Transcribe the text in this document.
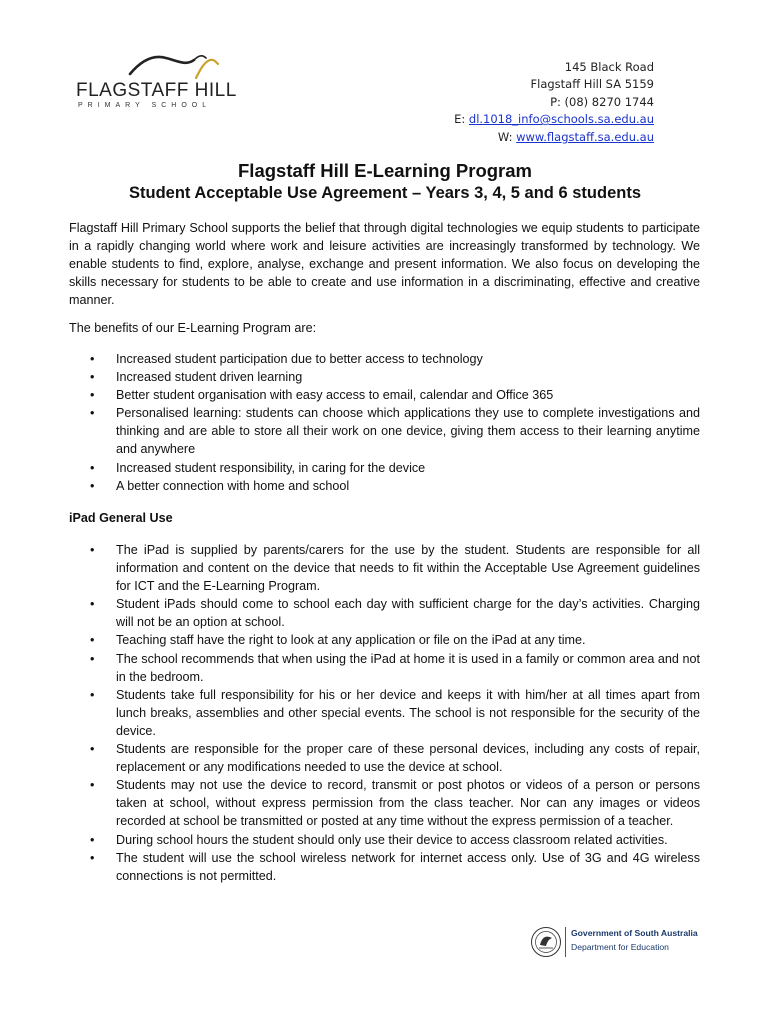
FLAGSTAFF HILL
PRIMARY SCHOOL
145 Black Road
Flagstaff Hill SA 5159
P: (08) 8270 1744
E: dl.1018_info@schools.sa.edu.au
W: www.flagstaff.sa.edu.au
Flagstaff Hill E-Learning Program
Student Acceptable Use Agreement – Years 3, 4, 5 and 6 students

Flagstaff Hill Primary School supports the belief that through digital technologies we equip students to participate in a rapidly changing world where work and leisure activities are increasingly transformed by technology. We enable students to find, explore, analyse, exchange and present information. We also focus on developing the skills necessary for students to be able to create and use information in a discriminating, effective and creative manner.

The benefits of our E-Learning Program are:

• Increased student participation due to better access to technology
• Increased student driven learning
• Better student organisation with easy access to email, calendar and Office 365
• Personalised learning: students can choose which applications they use to complete investigations and thinking and are able to store all their work on one device, giving them access to their learning anytime and anywhere
• Increased student responsibility, in caring for the device
• A better connection with home and school
iPad General Use
• The iPad is supplied by parents/carers for the use by the student. Students are responsible for all information and content on the device that needs to fit within the Acceptable Use Agreement guidelines for ICT and the E-Learning Program.
• Student iPads should come to school each day with sufficient charge for the day’s activities. Charging will not be an option at school.
• Teaching staff have the right to look at any application or file on the iPad at any time.
• The school recommends that when using the iPad at home it is used in a family or common area and not in the bedroom.
• Students take full responsibility for his or her device and keeps it with him/her at all times apart from lunch breaks, assemblies and other special events. The school is not responsible for the security of the device.
• Students are responsible for the proper care of these personal devices, including any costs of repair, replacement or any modifications needed to use the device at school.
• Students may not use the device to record, transmit or post photos or videos of a person or persons taken at school, without express permission from the class teacher. Nor can any images or videos recorded at school be transmitted or posted at any time without the express permission of a teacher.
• During school hours the student should only use their device to access classroom related activities.
• The student will use the school wireless network for internet access only. Use of 3G and 4G wireless connections is not permitted.
Government of South Australia
Department for Education
